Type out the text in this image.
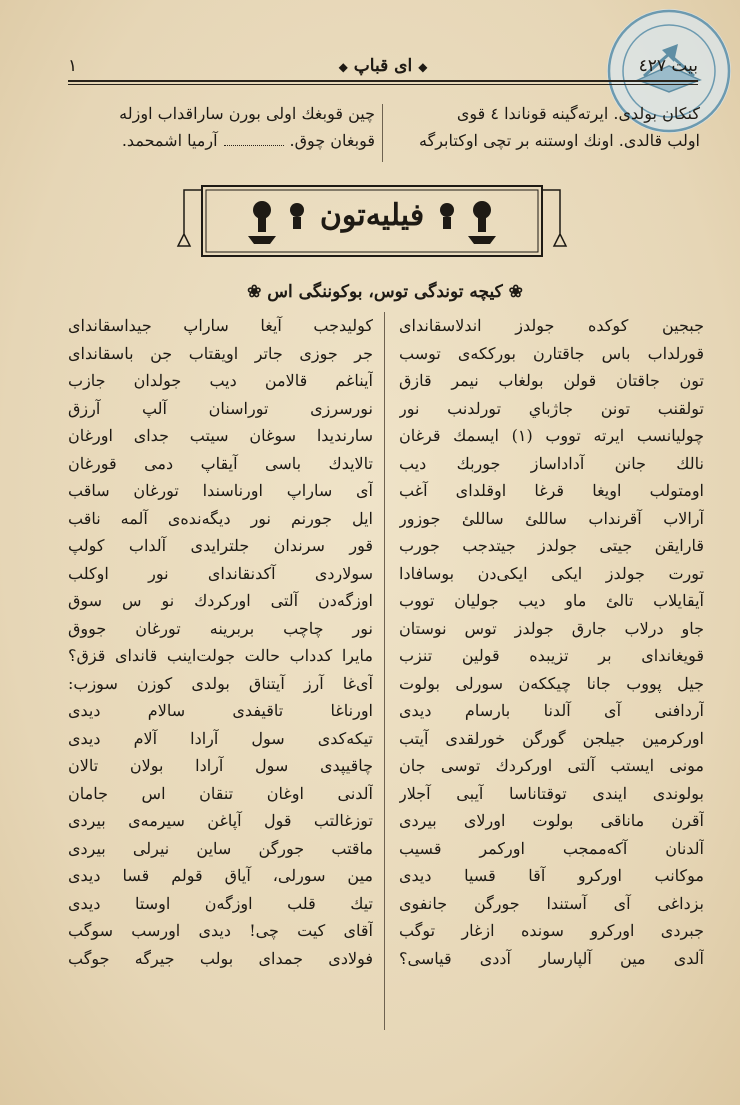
بيت ٤٢٧
◆ای قباپ◆
١
كنكان بولدی. ايرته‌گينه قوناندا ٤ قوی
اولب قالدی. اونك اوستنه بر تچی اوكتابرگه
چين قوبغك اولی بورن ساراقداب اوزله
قوبغان چوق.آرميا اشمحمد.
فيليه‌تون
❀ كيچه توندگی توس، بوكوننگی اس ❀
جبجين كوكده جولدز اندلاسقاندای
قورلداب باس جاقتارن بورككه‌ی توسب
تون جاقتان قولن بولغاب نيمر قازق
تولقنب تونن جاژباي تورلدنب نور
چوليانسب ايرته تووب (١) ايسمك قرغان
نالك جانن آداداساز جوربك ديب
اومتولب اويغا قرغا اوقلدای آغب
آرالاب آقرنداب ساللئ ساللئ جوزور
قارايقن جيتی جولدز جيتدجب جورب
تورت جولدز ايكی ايكی‌دن بوسافادا
آيقايلاب تالئ ماو ديب جوليان تووب
جاو درلاب جارق جولدز توس نوستان
قويغاندای بر تزيبده قولين تنزب
جيل پووب جانا چيككه‌ن سورلی بولوت
آردافنی آی آلدنا بارسام ديدی
اوركرمين جيلجن گورگن خورلقدی آيتب
مونی ايستب آلتی اوركردك توسی جان
بولوندی ايندی توقتاناسا آيبی آجلار
آقرن ماناقی بولوت اورلای بيردی
آلدنان آكه‌ممجب اوركمر قسيب
موكانب اوركرو آقا قسيا ديدی
بزداغی آی آستندا جورگن جانفوی
جبردی اوركرو سونده ازغار توگب
آلدی مين آلپارسار آددی قياسی؟
كوليدجب آيغا ساراپ جيداسقاندای
جر جوزی جاتر اويقتاب جن باسقاندای
آيناغم قالامن ديب جولدان جازب
نورسرزی توراسنان آلپ آرزق
سارنديدا سوغان سيتب جدای اورغان
تالايدك باسی آيقاپ دمی قورغان
آی ساراپ اورناسندا تورغان ساقب
ايل جورنم نور ديگه‌نده‌ی آلمه ناقب
قور سرندان جلترايدی آلداب كولپ
سولاردی آكدنقاندای نور اوكلب
اوزگه‌دن آلتی اوركردك نو س سوق
نور چاچب بربرينه تورغان جووق
مايرا كدداب حالت جولت‌اينب قاندای قزق؟
آی‌غا آرز آيتناق بولدی كوزن سوزب:
اورناغا تاقيفدی سالام ديدی
تيكه‌كدی سول آرادا آلام ديدی
چاقيپدی سول آرادا بولان تالان
آلدنی اوغان تنقان اس جامان
توزغالتب قول آپاغن سيرمه‌ی بيردی
ماقتب جورگن ساين نيرلی بيردی
مين سورلی، آياق قولم قسا ديدی
تيك قلب اوزگه‌ن اوستا ديدی
آقای كيت چی! ديدی اورسب سوگب
فولادی جمدای بولب جيرگه جوگب
